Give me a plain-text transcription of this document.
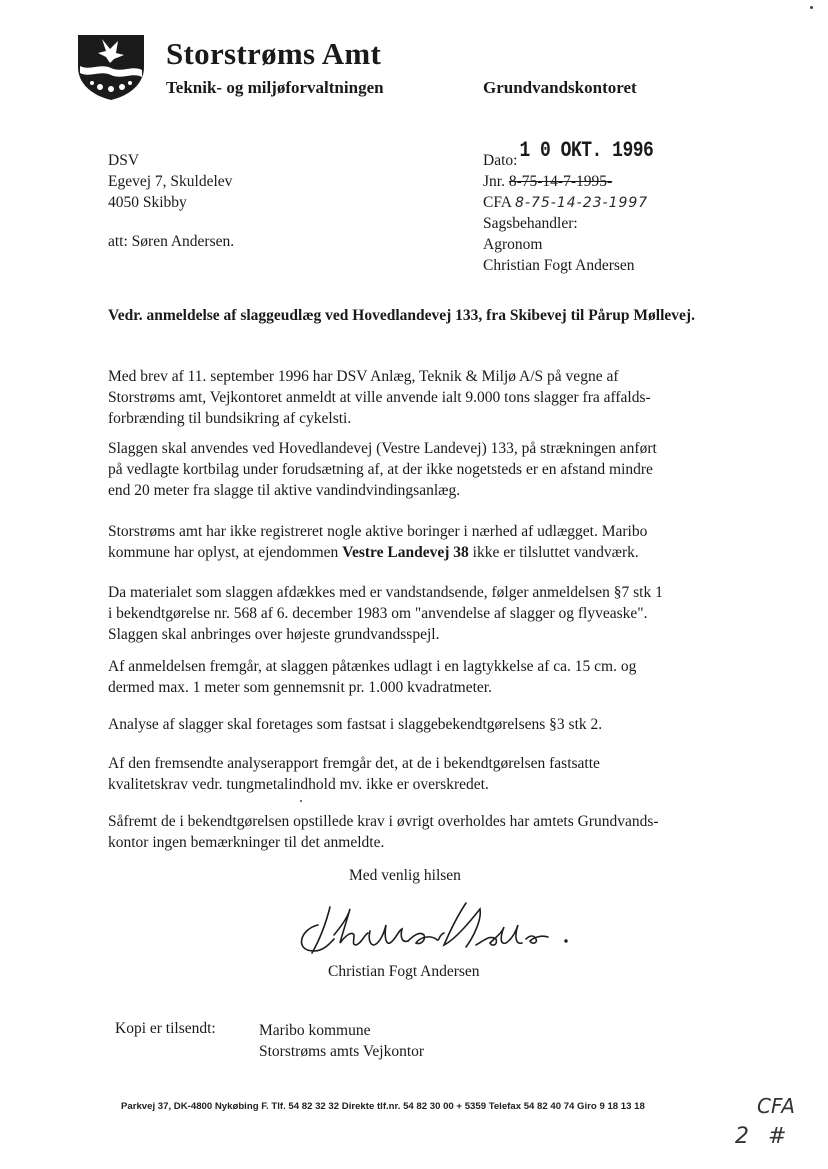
Storstrøms Amt
Teknik- og miljøforvaltningen	Grundvandskontoret
DSV
Egevej 7, Skuldelev
4050 Skibby
att: Søren Andersen.
Dato: 1 0 OKT. 1996
Jnr. 8-75-14-7-1995-
CFA 8-75-14-23-1997
Sagsbehandler:
Agronom
Christian Fogt Andersen
Vedr. anmeldelse af slaggeudlæg ved Hovedlandevej 133, fra Skibevej til Pårup Møllevej.
Med brev af 11. september 1996 har DSV Anlæg, Teknik & Miljø A/S på vegne af
Storstrøms amt, Vejkontoret anmeldt at ville anvende ialt 9.000 tons slagger fra affalds-
forbrænding til bundsikring af cykelsti.
Slaggen skal anvendes ved Hovedlandevej (Vestre Landevej) 133, på strækningen anført
på vedlagte kortbilag under forudsætning af, at der ikke nogetsteds er en afstand mindre
end 20 meter fra slagge til aktive vandindvindingsanlæg.
Storstrøms amt har ikke registreret nogle aktive boringer i nærhed af udlægget. Maribo
kommune har oplyst, at ejendommen Vestre Landevej 38 ikke er tilsluttet vandværk.
Da materialet som slaggen afdækkes med er vandstandsende, følger anmeldelsen §7 stk 1
i bekendtgørelse nr. 568 af 6. december 1983 om "anvendelse af slagger og flyveaske".
Slaggen skal anbringes over højeste grundvandsspejl.
Af anmeldelsen fremgår, at slaggen påtænkes udlagt i en lagtykkelse af ca. 15 cm. og
dermed max. 1 meter som gennemsnit pr. 1.000 kvadratmeter.
Analyse af slagger skal foretages som fastsat i slaggebekendtgørelsens §3 stk 2.
Af den fremsendte analyserapport fremgår det, at de i bekendtgørelsen fastsatte
kvalitetskrav vedr. tungmetalindhold mv. ikke er overskredet.
Såfremt de i bekendtgørelsen opstillede krav i øvrigt overholdes har amtets Grundvands-
kontor ingen bemærkninger til det anmeldte.
Med venlig hilsen
Christian Fogt Andersen
Kopi er tilsendt:	Maribo kommune
Storstrøms amts Vejkontor
Parkvej 37, DK-4800 Nykøbing F. Tlf. 54 82 32 32 Direkte tlf.nr. 54 82 30 00 + 5359 Telefax 54 82 40 74 Giro 9 18 13 18	CFA
2 #
